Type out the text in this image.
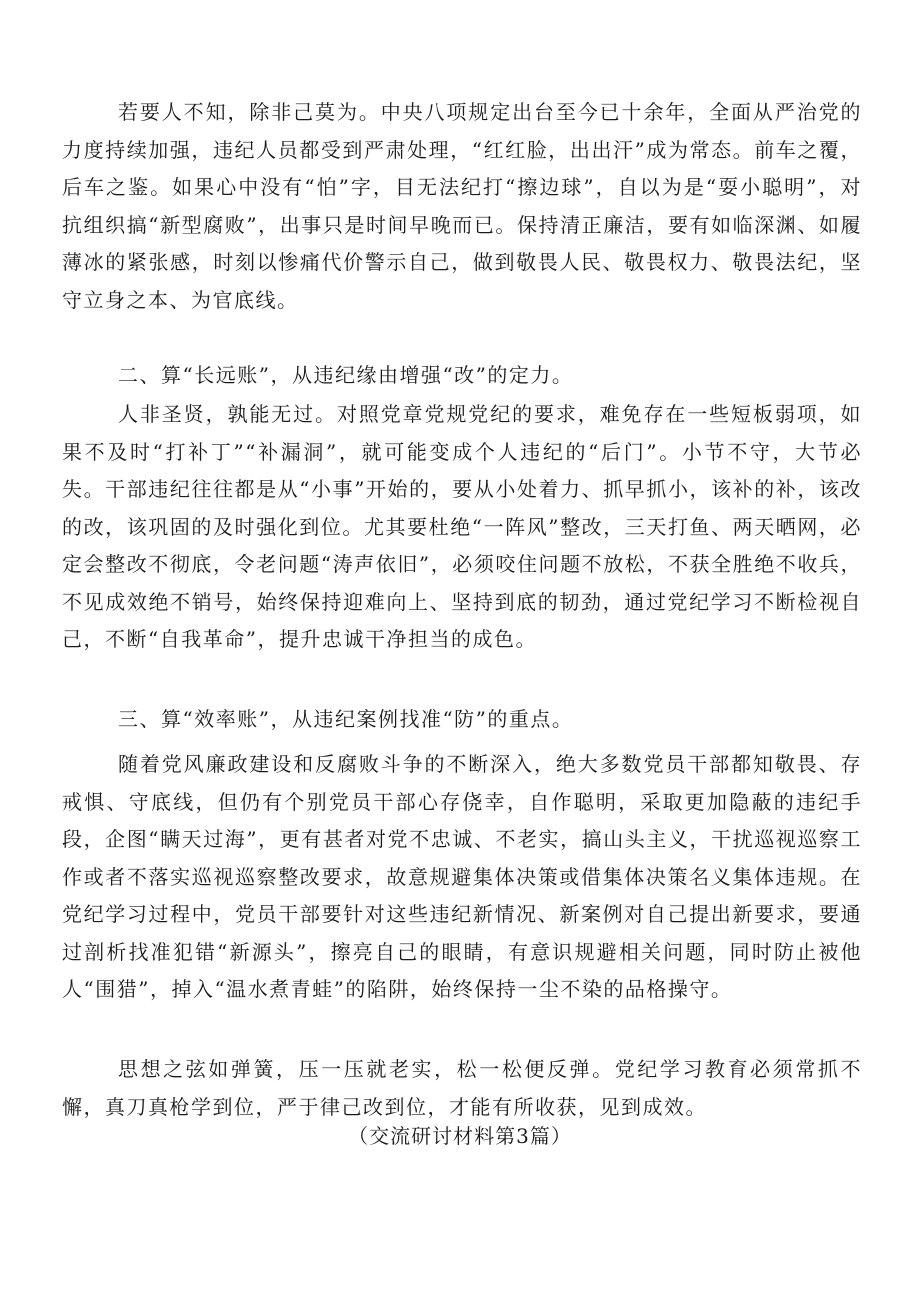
若要人不知，除非己莫为。中央八项规定出台至今已十余年，全面从严治党的力度持续加强，违纪人员都受到严肃处理，“红红脸，出出汗”成为常态。前车之覆，后车之鉴。如果心中没有“怕”字，目无法纪打“擦边球”，自以为是“耍小聪明”，对抗组织搞“新型腐败”，出事只是时间早晚而已。保持清正廉洁，要有如临深渊、如履薄冰的紧张感，时刻以惨痛代价警示自己，做到敬畏人民、敬畏权力、敬畏法纪，坚守立身之本、为官底线。

二、算“长远账”，从违纪缘由增强“改”的定力。

人非圣贤，孰能无过。对照党章党规党纪的要求，难免存在一些短板弱项，如果不及时“打补丁”“补漏洞”，就可能变成个人违纪的“后门”。小节不守，大节必失。干部违纪往往都是从“小事”开始的，要从小处着力、抓早抓小，该补的补，该改的改，该巩固的及时强化到位。尤其要杜绝“一阵风”整改，三天打鱼、两天晒网，必定会整改不彻底，令老问题“涛声依旧”，必须咬住问题不放松，不获全胜绝不收兵，不见成效绝不销号，始终保持迎难向上、坚持到底的韧劲，通过党纪学习不断检视自己，不断“自我革命”，提升忠诚干净担当的成色。

三、算“效率账”，从违纪案例找准“防”的重点。

随着党风廉政建设和反腐败斗争的不断深入，绝大多数党员干部都知敬畏、存戒惧、守底线，但仍有个别党员干部心存侥幸，自作聪明，采取更加隐蔽的违纪手段，企图“瞒天过海”，更有甚者对党不忠诚、不老实，搞山头主义，干扰巡视巡察工作或者不落实巡视巡察整改要求，故意规避集体决策或借集体决策名义集体违规。在党纪学习过程中，党员干部要针对这些违纪新情况、新案例对自己提出新要求，要通过剖析找准犯错“新源头”，擦亮自己的眼睛，有意识规避相关问题，同时防止被他人“围猎”，掉入“温水煮青蛙”的陷阱，始终保持一尘不染的品格操守。

思想之弦如弹簧，压一压就老实，松一松便反弹。党纪学习教育必须常抓不懈，真刀真枪学到位，严于律己改到位，才能有所收获，见到成效。

（交流研讨材料第3篇）
